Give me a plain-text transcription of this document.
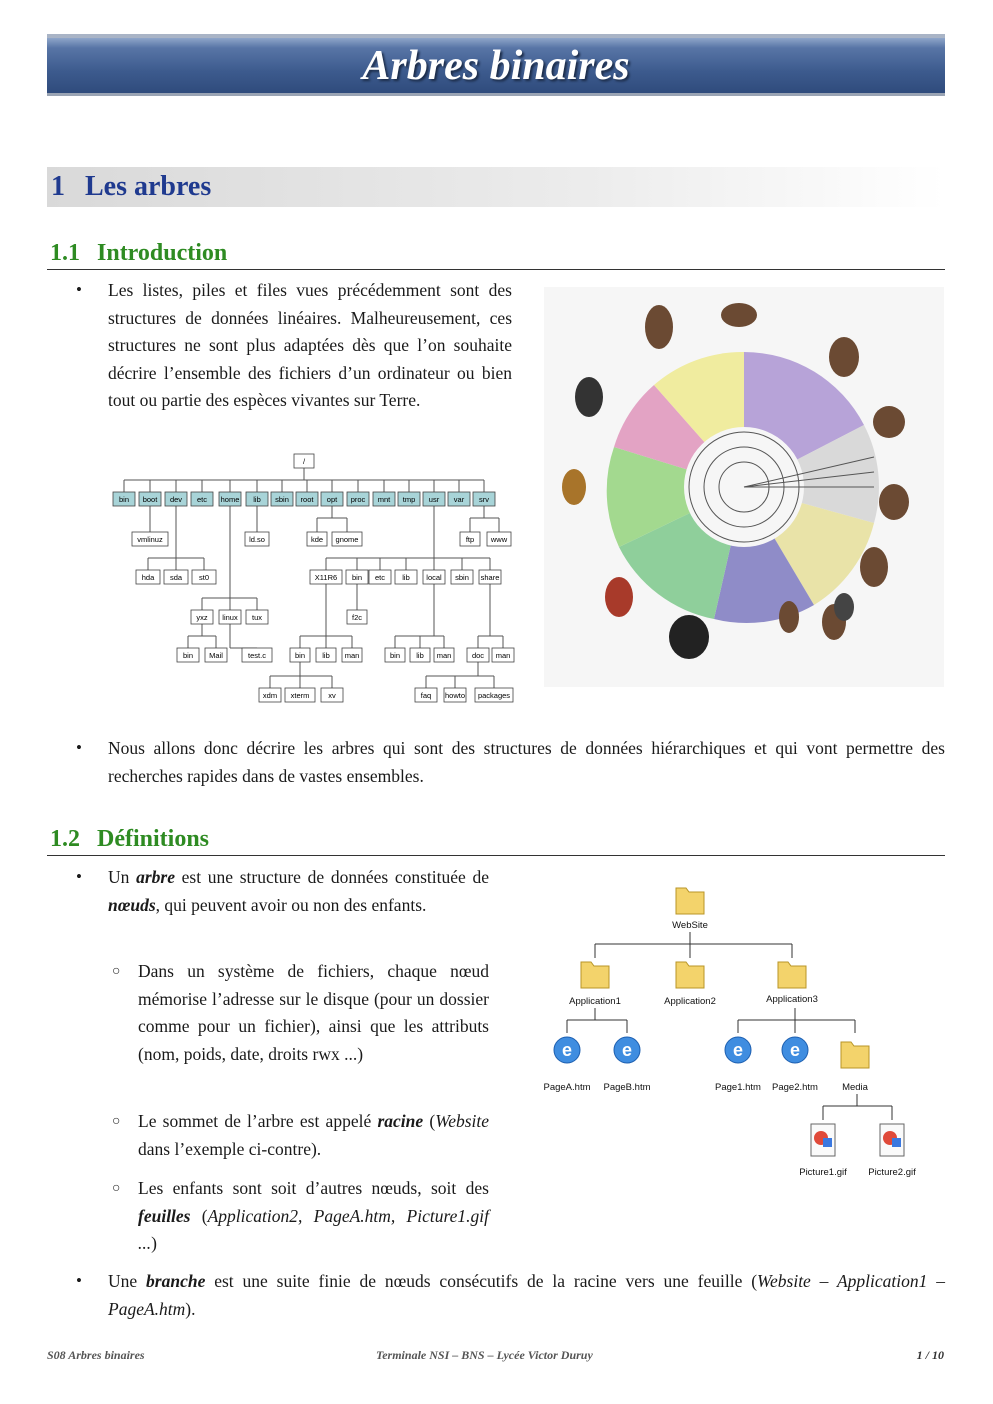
Arbres binaires
1 Les arbres
1.1 Introduction
• Les listes, piles et files vues précédemment sont des structures de données linéaires. Malheureusement, ces structures ne sont plus adaptées dès que l’on souhaite décrire l’ensemble des fichiers d’un ordinateur ou bien tout ou partie des espèces vivantes sur Terre.

/
bin boot dev etc home lib sbin root opt proc mnt tmp usr var srv
vmlinuz	ld.so	kde gnome	ftp www
hda sda st0	X11R6 bin etc lib local sbin share
yxz linux tux	f2c
bin Mail	test.c	bin lib man	bin lib man	doc man
xdm xterm	xv	faq howto packages
• Nous allons donc décrire les arbres qui sont des structures de données hiérarchiques et qui vont permettre des recherches rapides dans de vastes ensembles.

1.2 Définitions
• Un arbre est une structure de données constituée de nœuds, qui peuvent avoir ou non des enfants.

○ Dans un système de fichiers, chaque nœud mémorise l’adresse sur le disque (pour un dossier comme pour un fichier), ainsi que les attributs (nom, poids, date, droits rwx ...)

○ Le sommet de l’arbre est appelé racine (Website dans l’exemple ci-contre).

○ Les enfants sont soit d’autres nœuds, soit des feuilles (Application2, PageA.htm, Picture1.gif ...)

e	e	e	e
WebSite
Application1	Application2	Application3
PageA.htm PageB.htm	Page1.htm Page2.htm	Media
Picture1.gif Picture2.gif
• Une branche est une suite finie de nœuds consécutifs de la racine vers une feuille (Website – Application1 – PageA.htm).

S08 Arbres binaires	Terminale NSI – BNS – Lycée Victor Duruy	1 / 10
